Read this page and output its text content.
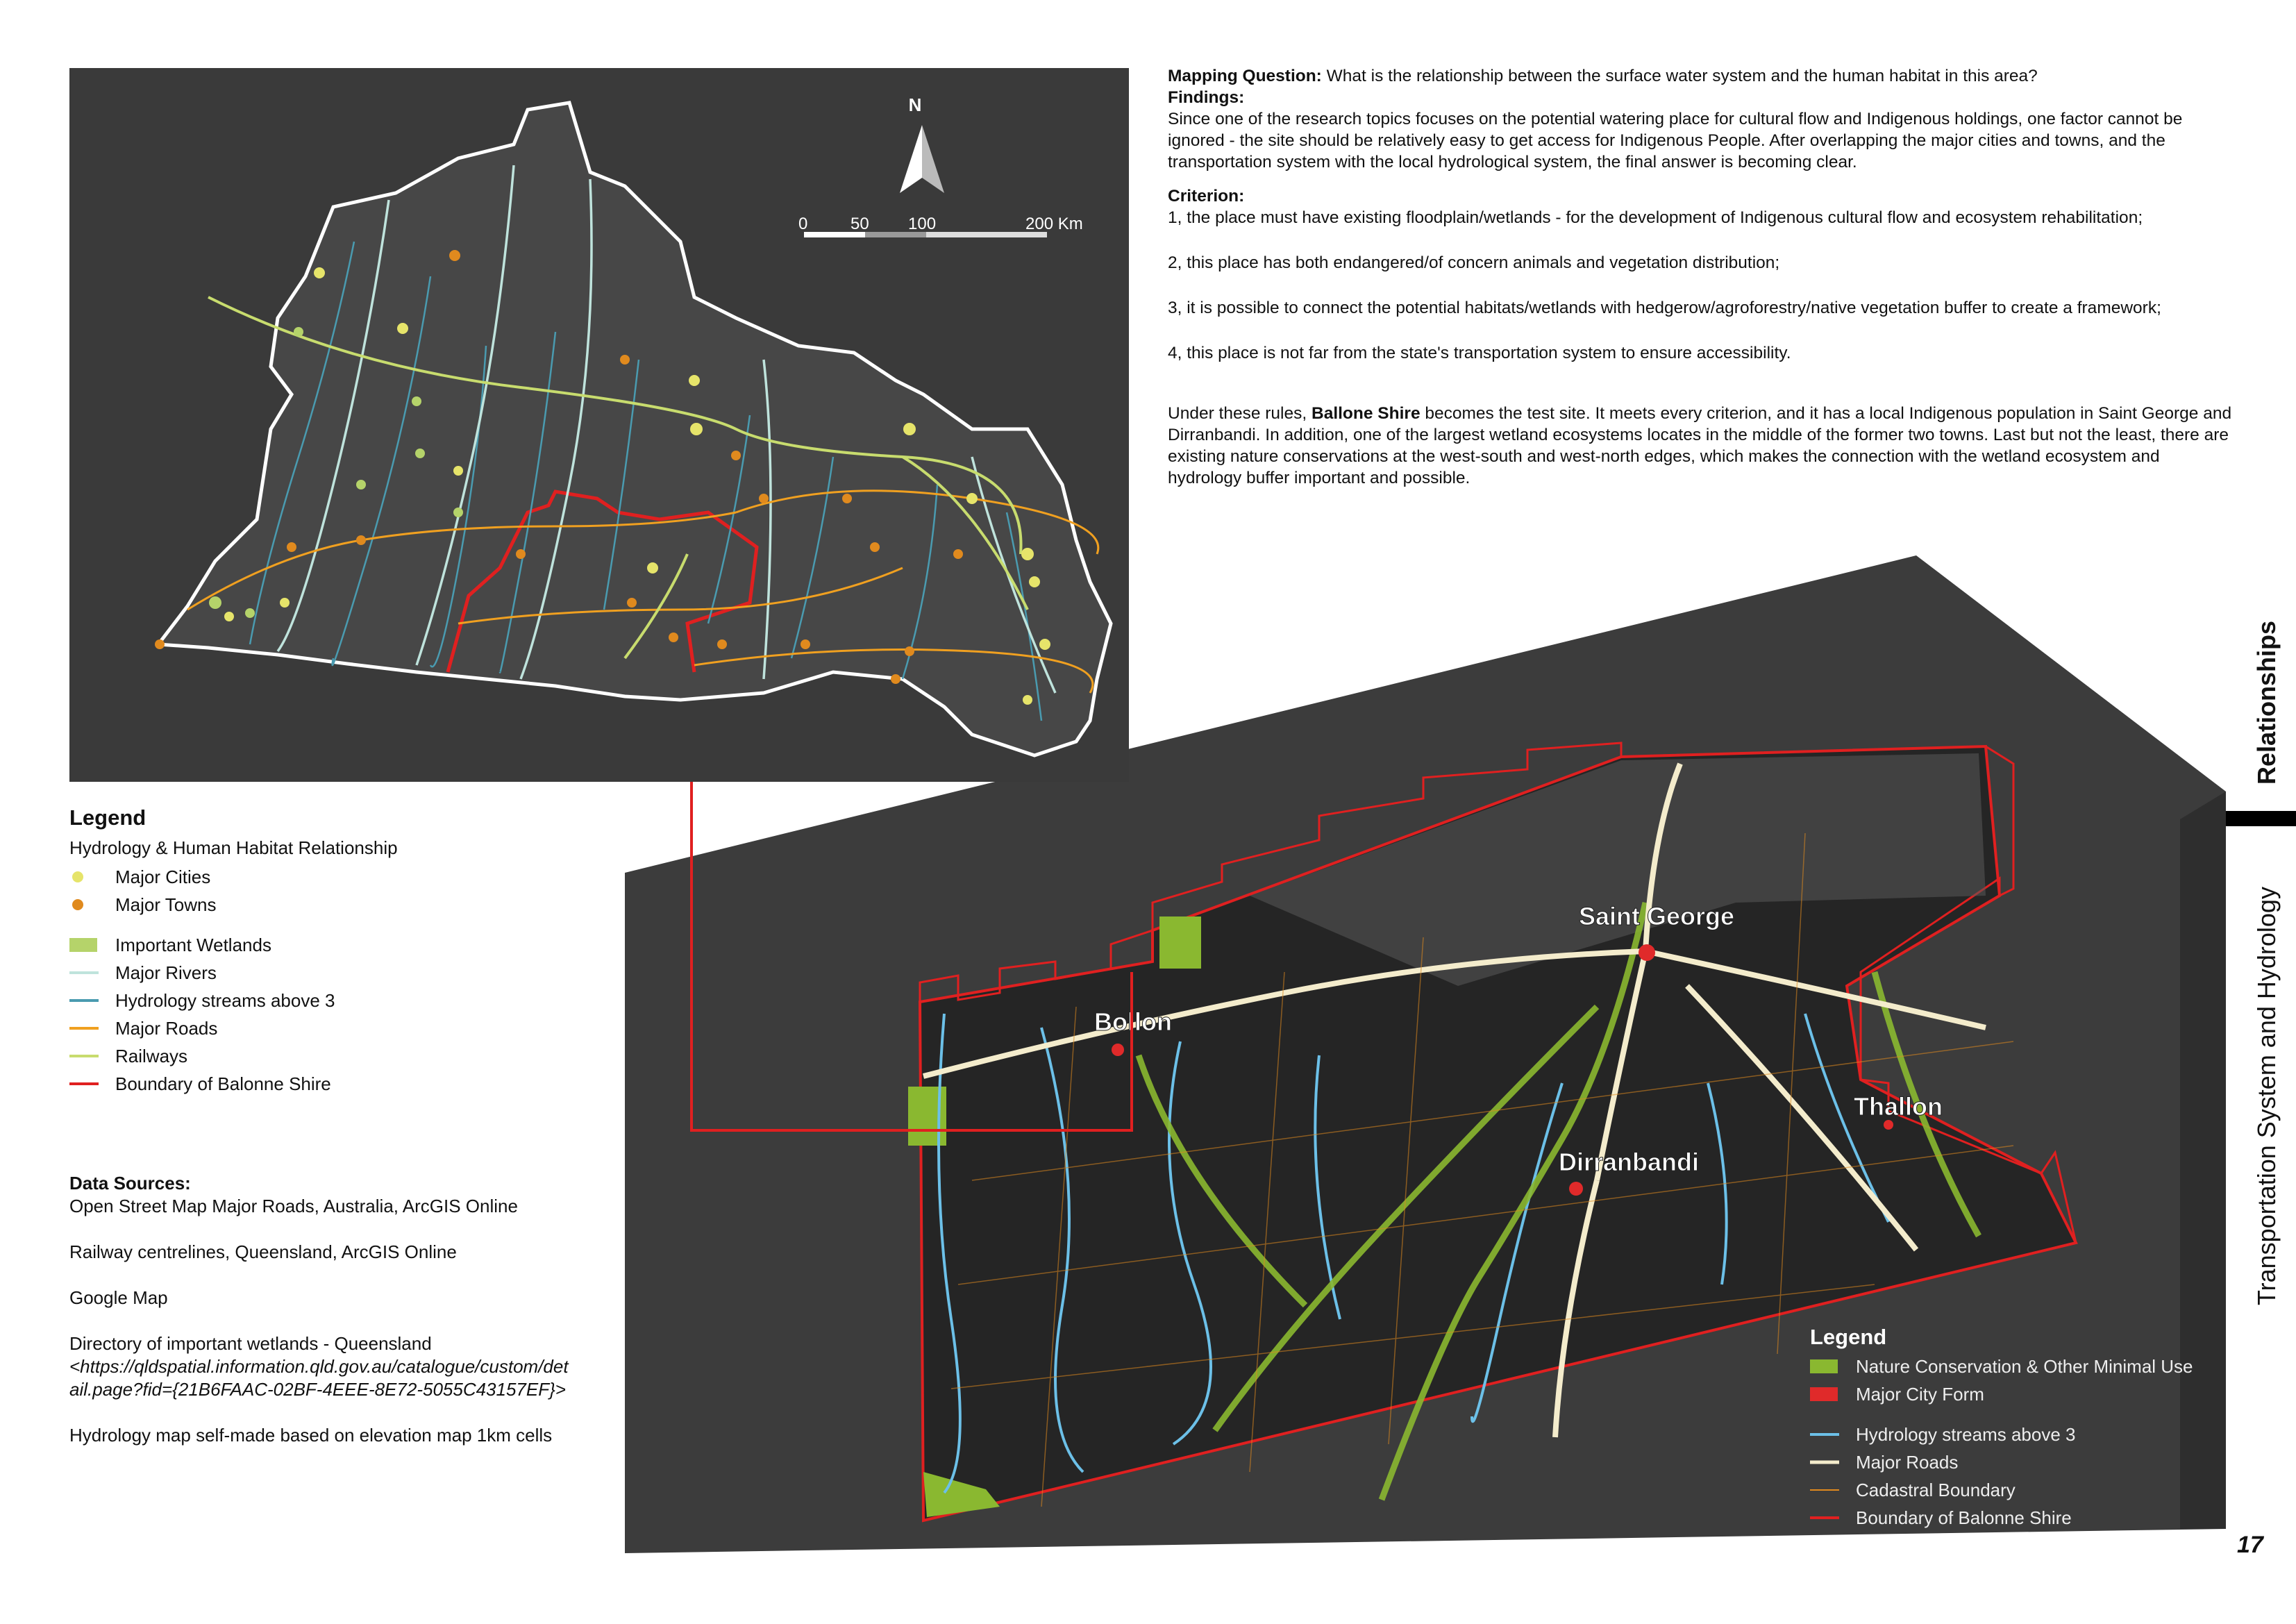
Saint George
Bollon
Dirranbandi
Thallon
N
0	50 100	200 Km

Mapping Question: What is the relationship between the surface water system and the human habitat in this area?

Findings:

Since one of the research topics focuses on the potential watering place for cultural flow and Indigenous holdings, one factor cannot be ignored - the site should be relatively easy to get access for Indigenous People. After overlapping the major cities and towns, and the transportation system with the local hydrological system, the final answer is becoming clear.

Criterion:

1, the place must have existing floodplain/wetlands - for the development of Indigenous cultural flow and ecosystem rehabilitation;

2, this place has both endangered/of concern animals and vegetation distribution;

3, it is possible to connect the potential habitats/wetlands with hedgerow/agroforestry/native vegetation buffer to create a framework;

4, this place is not far from the state's transportation system to ensure accessibility.

Under these rules, Ballone Shire becomes the test site. It meets every criterion, and it has a local Indigenous population in Saint George and Dirranbandi. In addition, one of the largest wetland ecosystems locates in the middle of the former two towns. Last but not the least, there are existing nature conservations at the west-south and west-north edges, which makes the connection with the wetland ecosystem and hydrology buffer important and possible.

Legend
Hydrology & Human Habitat Relationship
Major Cities
Major Towns
Important Wetlands
Major Rivers
Hydrology streams above 3
Major Roads
Railways
Boundary of Balonne Shire

Data Sources:

Open Street Map Major Roads, Australia, ArcGIS Online

Railway centrelines, Queensland, ArcGIS Online

Google Map

Directory of important wetlands - Queensland

<https://qldspatial.information.qld.gov.au/catalogue/custom/detail.page?fid={21B6FAAC-02BF-4EEE-8E72-5055C43157EF}>

Hydrology map self-made based on elevation map 1km cells

Legend
Nature Conservation & Other Minimal Use
Major City Form
Hydrology streams above 3
Major Roads
Cadastral Boundary
Boundary of Balonne Shire
Relationships
Transportation System and Hydrology
17
